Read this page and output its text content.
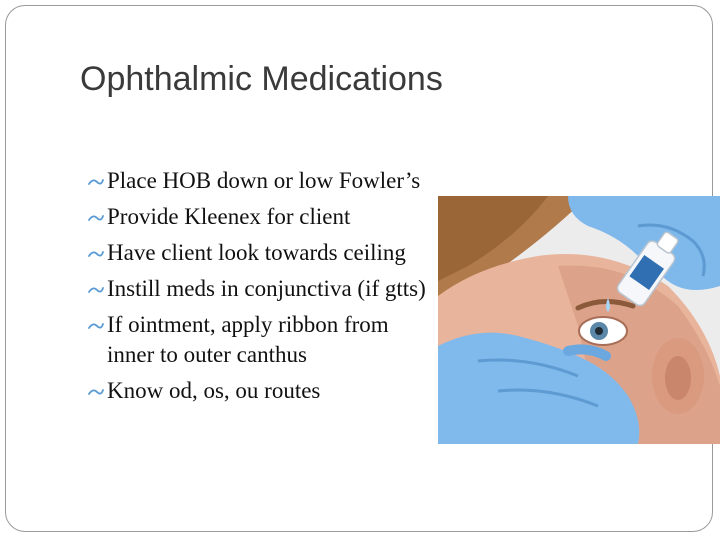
Ophthalmic Medications
Place HOB down or low Fowler’s
Provide Kleenex for client
Have client look towards ceiling
Instill meds in conjunctiva (if gtts)
If ointment, apply ribbon from inner to outer canthus
Know od, os, ou routes
